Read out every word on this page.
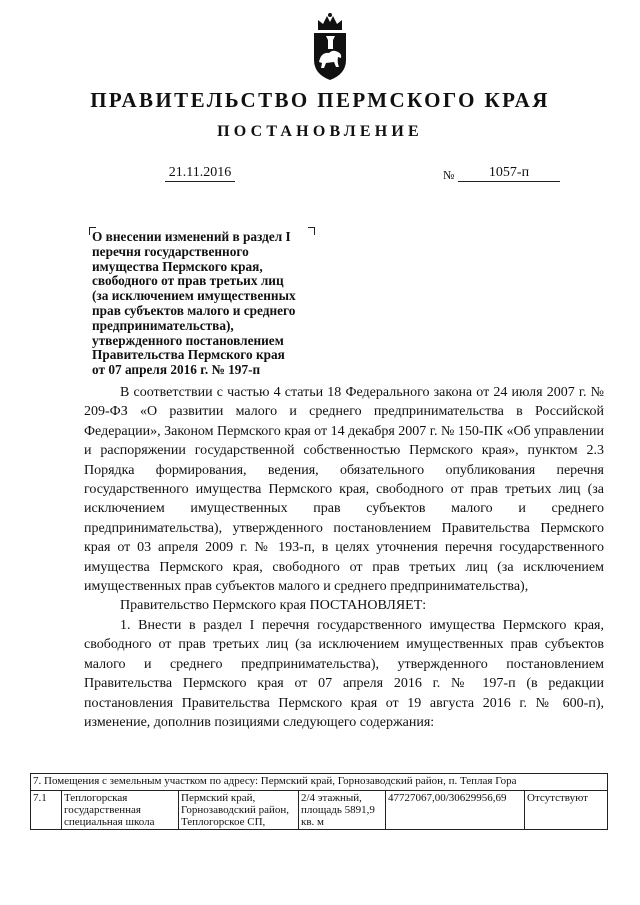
ПРАВИТЕЛЬСТВО ПЕРМСКОГО КРАЯ
ПОСТАНОВЛЕНИЕ
21.11.2016	№	1057-п
О внесении изменений в раздел I
перечня государственного
имущества Пермского края,
свободного от прав третьих лиц
(за исключением имущественных
прав субъектов малого и среднего
предпринимательства),
утвержденного постановлением
Правительства Пермского края
от 07 апреля 2016 г. № 197-п

В соответствии с частью 4 статьи 18 Федерального закона от 24 июля 2007 г. № 209-ФЗ «О развитии малого и среднего предпринимательства в Российской Федерации», Законом Пермского края от 14 декабря 2007 г. № 150-ПК «Об управлении и распоряжении государственной собственностью Пермского края», пунктом 2.3 Порядка формирования, ведения, обязательного опубликования перечня государственного имущества Пермского края, свободного от прав третьих лиц (за исключением имущественных прав субъектов малого и среднего предпринимательства), утвержденного постановлением Правительства Пермского края от 03 апреля 2009 г. № 193-п, в целях уточнения перечня государственного имущества Пермского края, свободного от прав третьих лиц (за исключением имущественных прав субъектов малого и среднего предпринимательства),

Правительство Пермского края ПОСТАНОВЛЯЕТ:

1. Внести в раздел I перечня государственного имущества Пермского края, свободного от прав третьих лиц (за исключением имущественных прав субъектов малого и среднего предпринимательства), утвержденного постановлением Правительства Пермского края от 07 апреля 2016 г. № 197-п (в редакции постановления Правительства Пермского края от 19 августа 2016 г. № 600-п), изменение, дополнив позициями следующего содержания:

7. Помещения с земельным участком по адресу: Пермский край, Горнозаводский район, п. Теплая Гора
7.1	Теплогорская государственная специальная школа	Пермский край, Горнозаводский район, Теплогорское СП,	2/4 этажный, площадь 5891,9 кв. м	47727067,00/30629956,69	Отсутствуют
